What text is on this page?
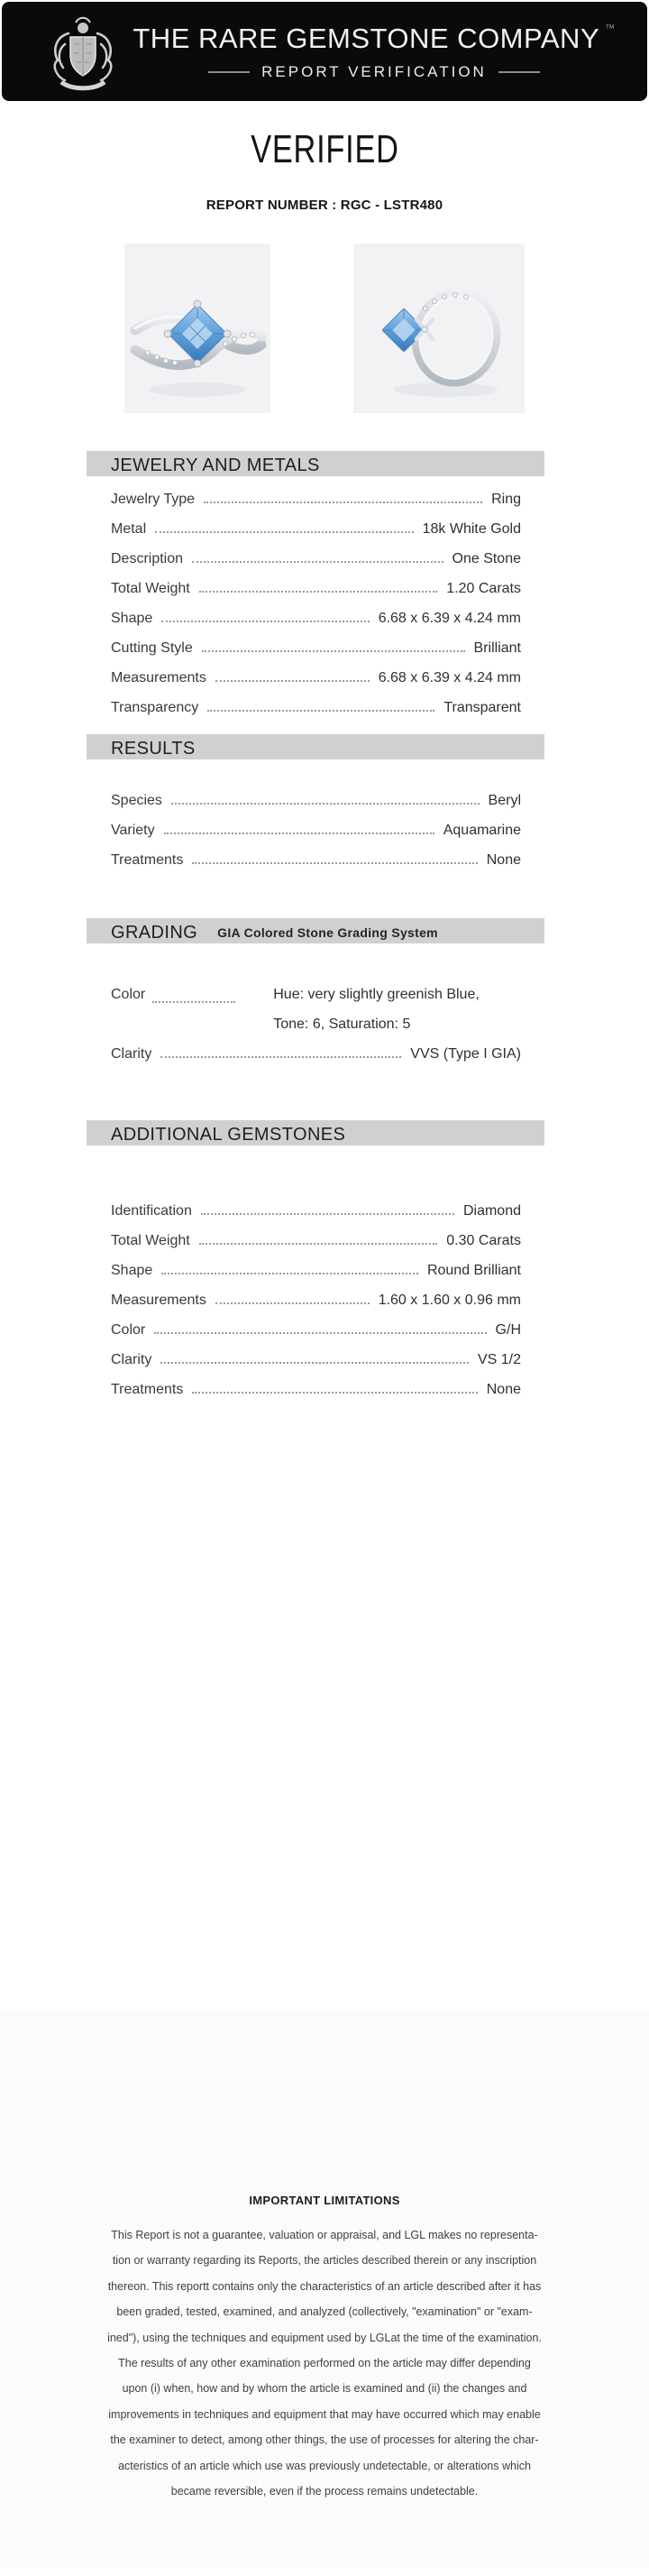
THE RARE GEMSTONE COMPANY ™
REPORT VERIFICATION
VERIFIED
REPORT NUMBER : RGC - LSTR480
JEWELRY AND METALS
Jewelry Type	Ring
Metal	18k White Gold
Description	One Stone
Total Weight	1.20 Carats
Shape	6.68 x 6.39 x 4.24 mm
Cutting Style	Brilliant
Measurements	6.68 x 6.39 x 4.24 mm
Transparency	Transparent
RESULTS
Species	Beryl
Variety	Aquamarine
Treatments	None
GRADING GIA Colored Stone Grading System
Color	Hue: very slightly greenish Blue,
Tone: 6, Saturation: 5
Clarity	VVS (Type I GIA)
ADDITIONAL GEMSTONES
Identification	Diamond
Total Weight	0.30 Carats
Shape	Round Brilliant
Measurements	1.60 x 1.60 x 0.96 mm
Color	G/H
Clarity	VS 1/2
Treatments	None
IMPORTANT LIMITATIONS
This Report is not a guarantee, valuation or appraisal, and LGL makes no representa-
tion or warranty regarding its Reports, the articles described therein or any inscription
thereon. This reportt contains only the characteristics of an article described after it has
been graded, tested, examined, and analyzed (collectively, "examination" or "exam-
ined"), using the techniques and equipment used by LGLat the time of the examination.
The results of any other examination performed on the article may differ depending
upon (i) when, how and by whom the article is examined and (ii) the changes and
improvements in techniques and equipment that may have occurred which may enable
the examiner to detect, among other things, the use of processes for altering the char-
acteristics of an article which use was previously undetectable, or alterations which
became reversible, even if the process remains undetectable.
